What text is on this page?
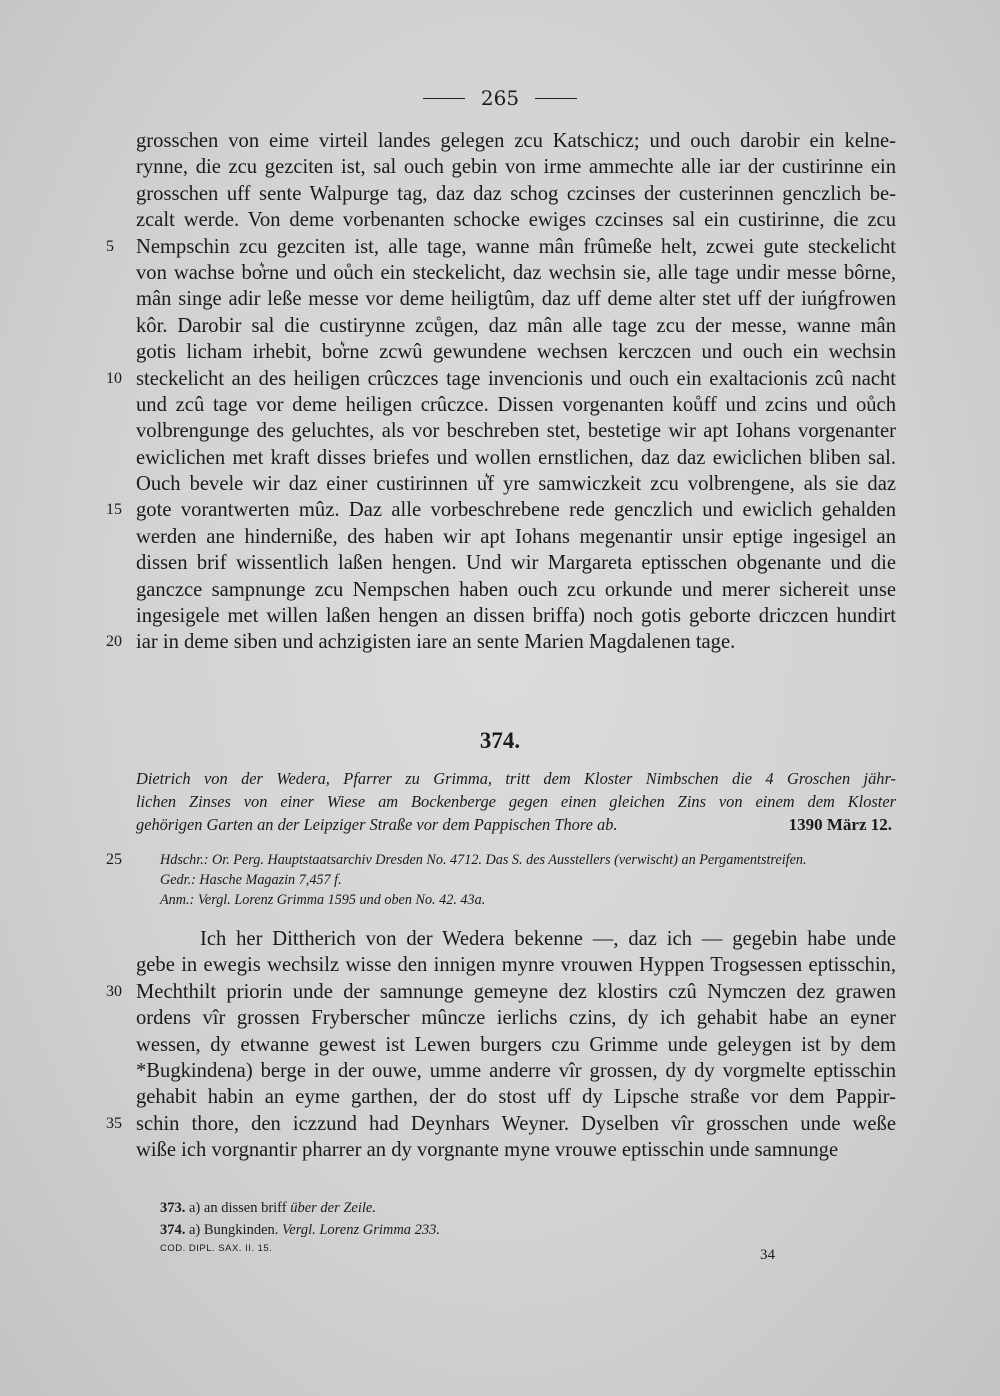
265
grosschen von eime virteil landes gelegen zcu Katschicz; und ouch darobir ein kelne-
rynne, die zcu gezciten ist, sal ouch gebin von irme ammechte alle iar der custirinne ein
grosschen uff sente Walpurge tag, daz daz schog czcinses der custerinnen genczlich be-
zcalt werde. Von deme vorbenanten schocke ewiges czcinses sal ein custirinne, die zcu
5	Nempschin zcu gezciten ist, alle tage, wanne mân frûmeße helt, zcwei gute steckelicht
von wachse bo͛rne und oůch ein steckelicht, daz wechsin sie, alle tage undir messe bôrne,
mân singe adir leße messe vor deme heiligtûm, daz uff deme alter stet uff der iuńgfrowen
kôr. Darobir sal die custirynne zcůgen, daz mân alle tage zcu der messe, wanne mân
gotis licham irhebit, bo͛rne zcwû gewundene wechsen kerczcen und ouch ein wechsin
10 steckelicht an des heiligen crûczces tage invencionis und ouch ein exaltacionis zcû nacht
und zcû tage vor deme heiligen crûczce. Dissen vorgenanten koůff und zcins und oůch
volbrengunge des geluchtes, als vor beschreben stet, bestetige wir apt Iohans vorgenanter
ewiclichen met kraft disses briefes und wollen ernstlichen, daz daz ewiclichen bliben sal.
Ouch bevele wir daz einer custirinnen u͛f yre samwiczkeit zcu volbrengene, als sie daz
15 gote vorantwerten mûz. Daz alle vorbeschrebene rede genczlich und ewiclich gehalden
werden ane hinderniße, des haben wir apt Iohans megenantir unsir eptige ingesigel an
dissen brif wissentlich laßen hengen. Und wir Margareta eptisschen obgenante und die
ganczce sampnunge zcu Nempschen haben ouch zcu orkunde und merer sichereit unse
ingesigele met willen laßen hengen an dissen briffa) noch gotis geborte driczcen hundirt
20 iar in deme siben und achzigisten iare an sente Marien Magdalenen tage.
374.
Dietrich von der Wedera, Pfarrer zu Grimma, tritt dem Kloster Nimbschen die 4 Groschen jähr-
lichen Zinses von einer Wiese am Bockenberge gegen einen gleichen Zins von einem dem Kloster
gehörigen Garten an der Leipziger Straße vor dem Pappischen Thore ab.	1390 März 12.
25	Hdschr.: Or. Perg. Hauptstaatsarchiv Dresden No. 4712. Das S. des Ausstellers (verwischt) an Pergamentstreifen.
Gedr.: Hasche Magazin 7,457 f.
Anm.: Vergl. Lorenz Grimma 1595 und oben No. 42. 43a.
Ich her Dittherich von der Wedera bekenne —, daz ich — gegebin habe unde
gebe in ewegis wechsilz wisse den innigen mynre vrouwen Hyppen Trogsessen eptisschin,
30 Mechthilt priorin unde der samnunge gemeyne dez klostirs czû Nymczen dez grawen
ordens vîr grossen Fryberscher mûncze ierlichs czins, dy ich gehabit habe an eyner
wessen, dy etwanne gewest ist Lewen burgers czu Grimme unde geleygen ist by dem
*Bugkindena) berge in der ouwe, umme anderre vîr grossen, dy dy vorgmelte eptisschin
gehabit habin an eyme garthen, der do stost uff dy Lipsche straße vor dem Pappir-
35 schin thore, den iczzund had Deynhars Weyner. Dyselben vîr grosschen unde weße
wiße ich vorgnantir pharrer an dy vorgnante myne vrouwe eptisschin unde samnunge
373. a) an dissen briff über der Zeile.
374. a) Bungkinden. Vergl. Lorenz Grimma 233.
COD. DIPL. SAX. II. 15.	34
